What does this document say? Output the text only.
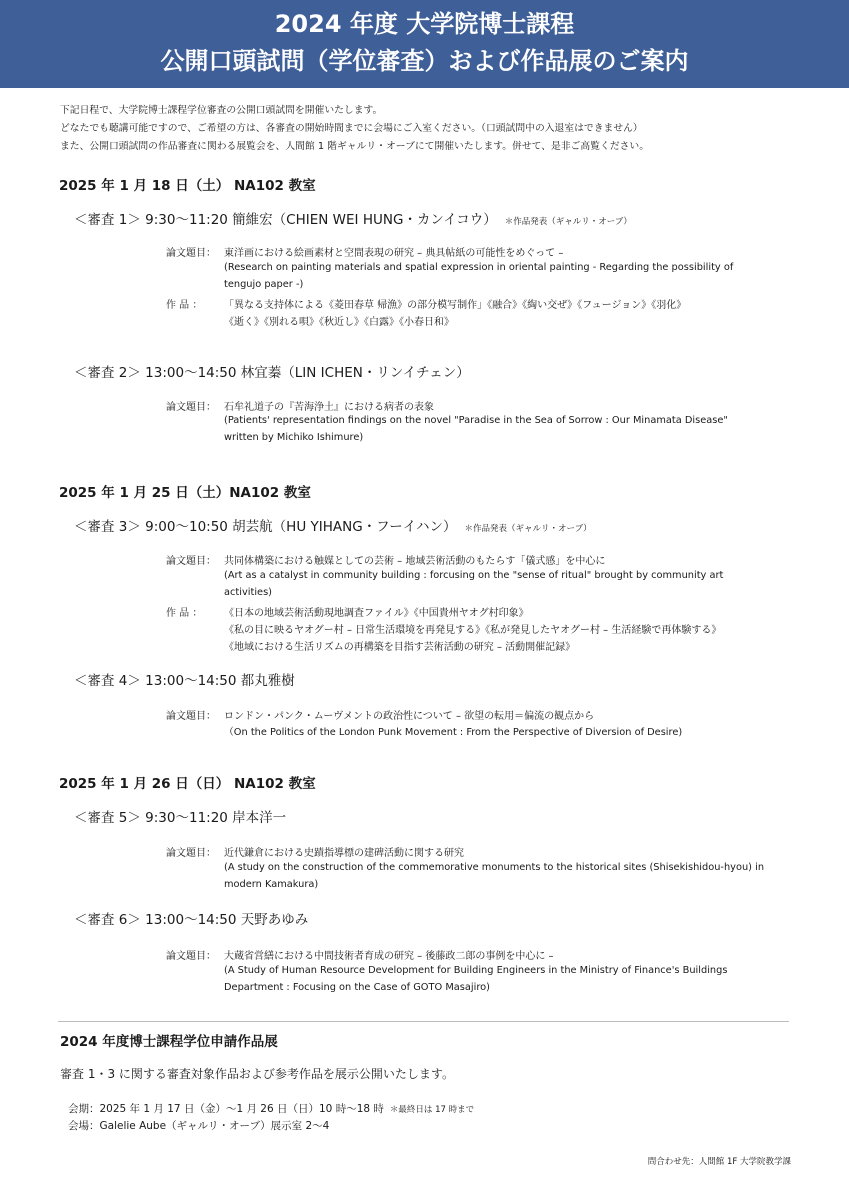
2024 年度 大学院博士課程
公開口頭試問（学位審査）および作品展のご案内
下記日程で、大学院博士課程学位審査の公開口頭試問を開催いたします。
どなたでも聴講可能ですので、ご希望の方は、各審査の開始時間までに会場にご入室ください。（口頭試問中の入退室はできません）
また、公開口頭試問の作品審査に関わる展覧会を、人間館 1 階ギャルリ・オーブにて開催いたします。併せて、是非ご高覧ください。
2025 年 1 月 18 日（土） NA102 教室
＜審査 1＞ 9:30〜11:20 簡維宏（CHIEN WEI HUNG・カンイコウ） ＊作品発表（ギャルリ・オーブ）
論文題目： 東洋画における絵画素材と空間表現の研究 – 典具帖紙の可能性をめぐって –
(Research on painting materials and spatial expression in oriental painting - Regarding the possibility of
tengujo paper -)
作 品 ： 「異なる支持体による《菱田春草 帰漁》の部分模写制作」《融合》《綯い交ぜ》《フュージョン》《羽化》
《逝く》《別れる唄》《秋近し》《白露》《小春日和》
＜審査 2＞ 13:00〜14:50 林宜蓁（LIN ICHEN・リンイチェン）
論文題目： 石牟礼道子の『苦海浄土』における病者の表象
(Patients' representation findings on the novel "Paradise in the Sea of Sorrow : Our Minamata Disease"
written by Michiko Ishimure)
2025 年 1 月 25 日（土）NA102 教室
＜審査 3＞ 9:00〜10:50 胡芸航（HU YIHANG・フーイハン） ＊作品発表（ギャルリ・オーブ）
論文題目： 共同体構築における触媒としての芸術 – 地域芸術活動のもたらす「儀式感」を中心に
(Art as a catalyst in community building : forcusing on the "sense of ritual" brought by community art
activities)
作 品 ： 《日本の地域芸術活動現地調査ファイル》《中国貴州ヤオグ村印象》
《私の目に映るヤオグー村 – 日常生活環境を再発見する》《私が発見したヤオグー村 – 生活経験で再体験する》
《地域における生活リズムの再構築を目指す芸術活動の研究 – 活動開催記録》
＜審査 4＞ 13:00〜14:50 都丸雅樹
論文題目： ロンドン・パンク・ムーヴメントの政治性について – 欲望の転用＝偏流の観点から
（On the Politics of the London Punk Movement : From the Perspective of Diversion of Desire)
2025 年 1 月 26 日（日） NA102 教室
＜審査 5＞ 9:30〜11:20 岸本洋一
論文題目： 近代鎌倉における史蹟指導標の建碑活動に関する研究
(A study on the construction of the commemorative monuments to the historical sites (Shisekishidou-hyou) in
modern Kamakura)
＜審査 6＞ 13:00〜14:50 天野あゆみ
論文題目： 大蔵省営繕における中間技術者育成の研究 – 後藤政二郎の事例を中心に –
(A Study of Human Resource Development for Building Engineers in the Ministry of Finance's Buildings
Department : Focusing on the Case of GOTO Masajiro)
2024 年度博士課程学位申請作品展
審査 1・3 に関する審査対象作品および参考作品を展示公開いたします。
会期：2025 年 1 月 17 日（金）〜1 月 26 日（日）10 時〜18 時 ＊最終日は 17 時まで
会場：Galelie Aube（ギャルリ・オーブ）展示室 2〜4
問合わせ先：人間館 1F 大学院教学課
